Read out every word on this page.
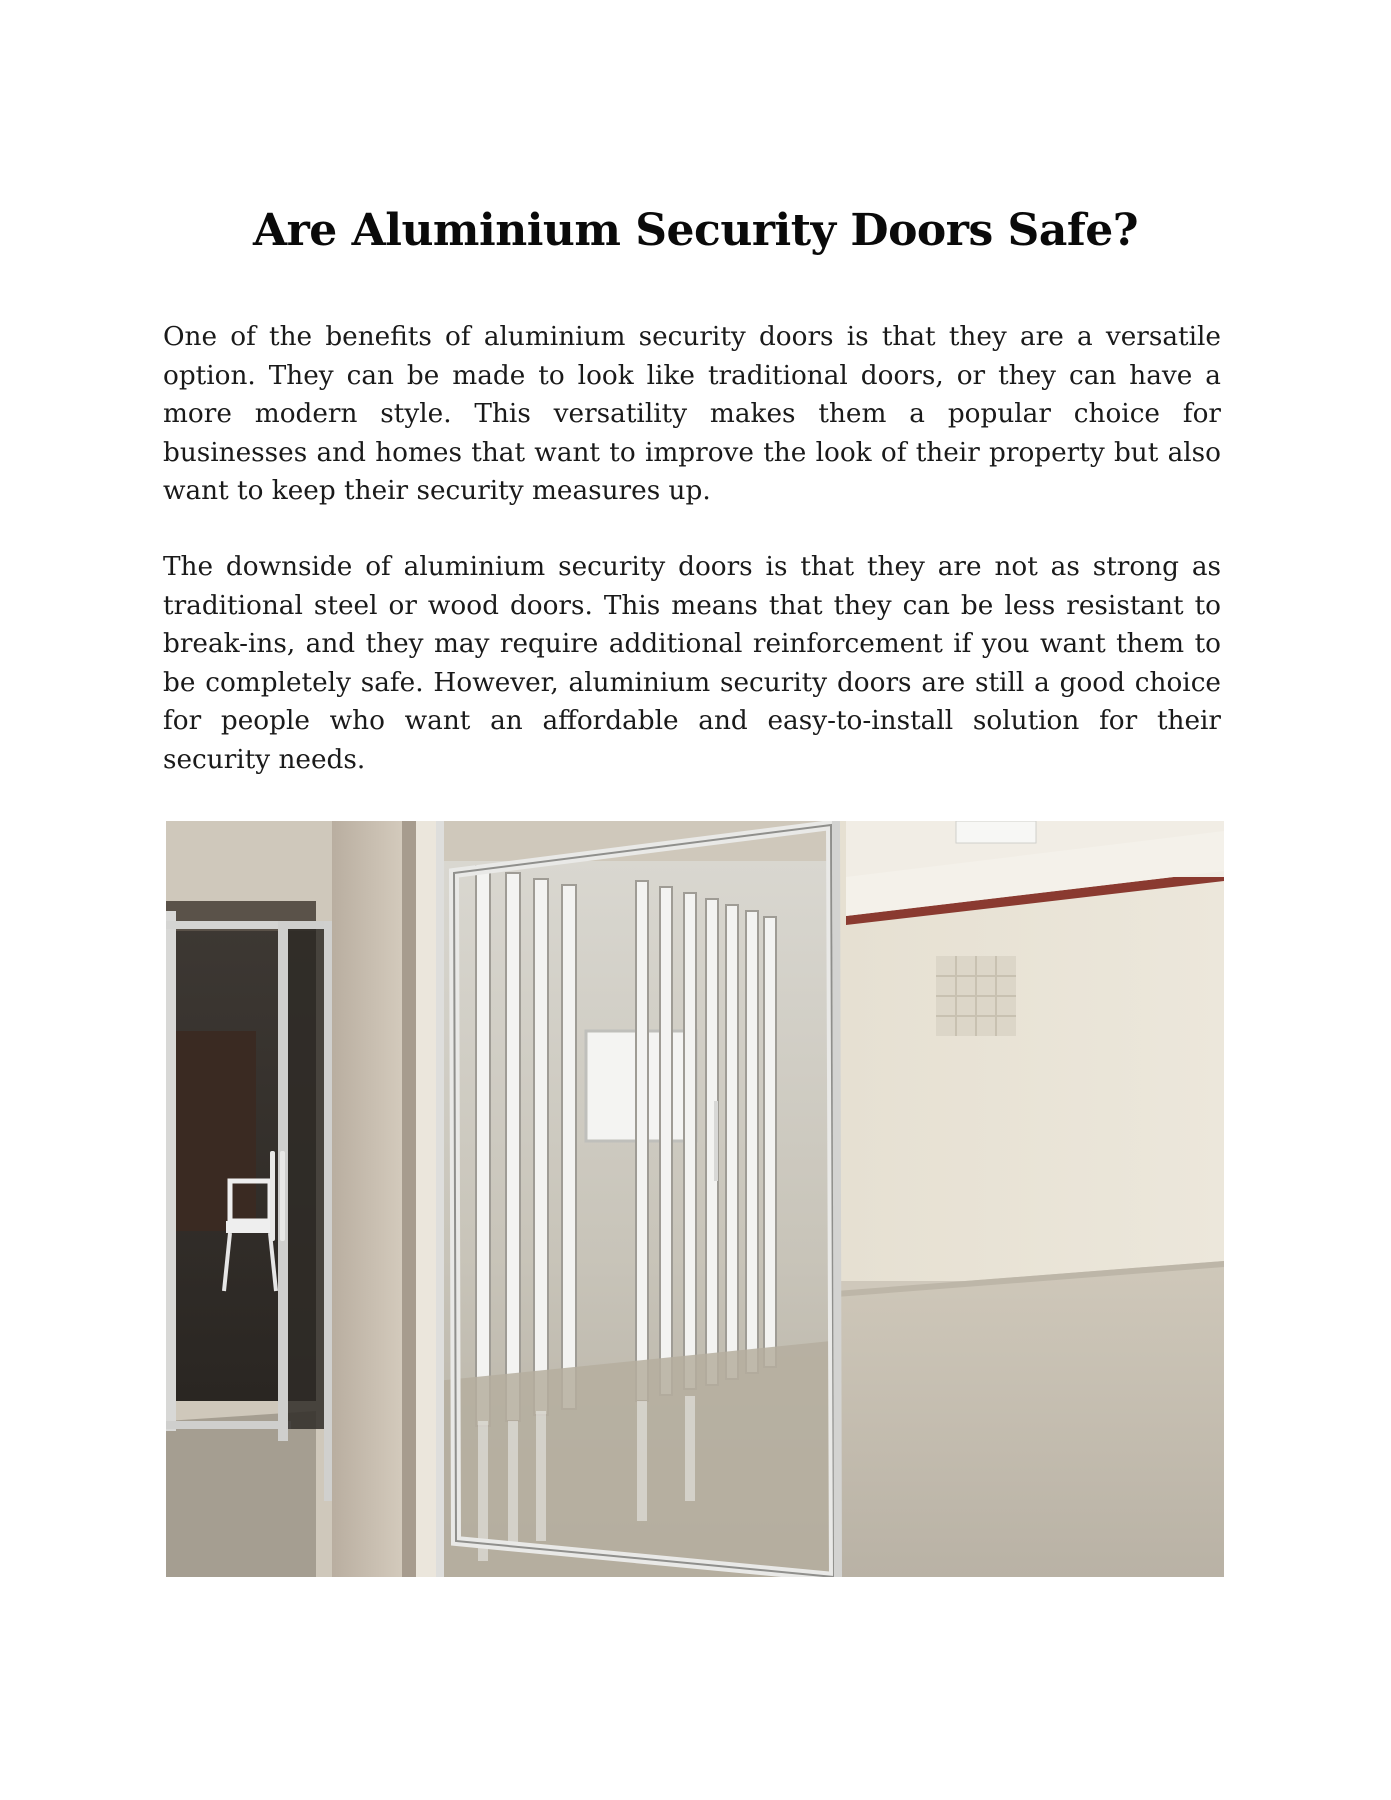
Are Aluminium Security Doors Safe?

One of the benefits of aluminium security doors is that they are a versatile option. They can be made to look like traditional doors, or they can have a more modern style. This versatility makes them a popular choice for businesses and homes that want to improve the look of their property but also want to keep their security measures up.

The downside of aluminium security doors is that they are not as strong as traditional steel or wood doors. This means that they can be less resistant to break-ins, and they may require additional reinforcement if you want them to be completely safe. However, aluminium security doors are still a good choice for people who want an affordable and easy-to-install solution for their security needs.
